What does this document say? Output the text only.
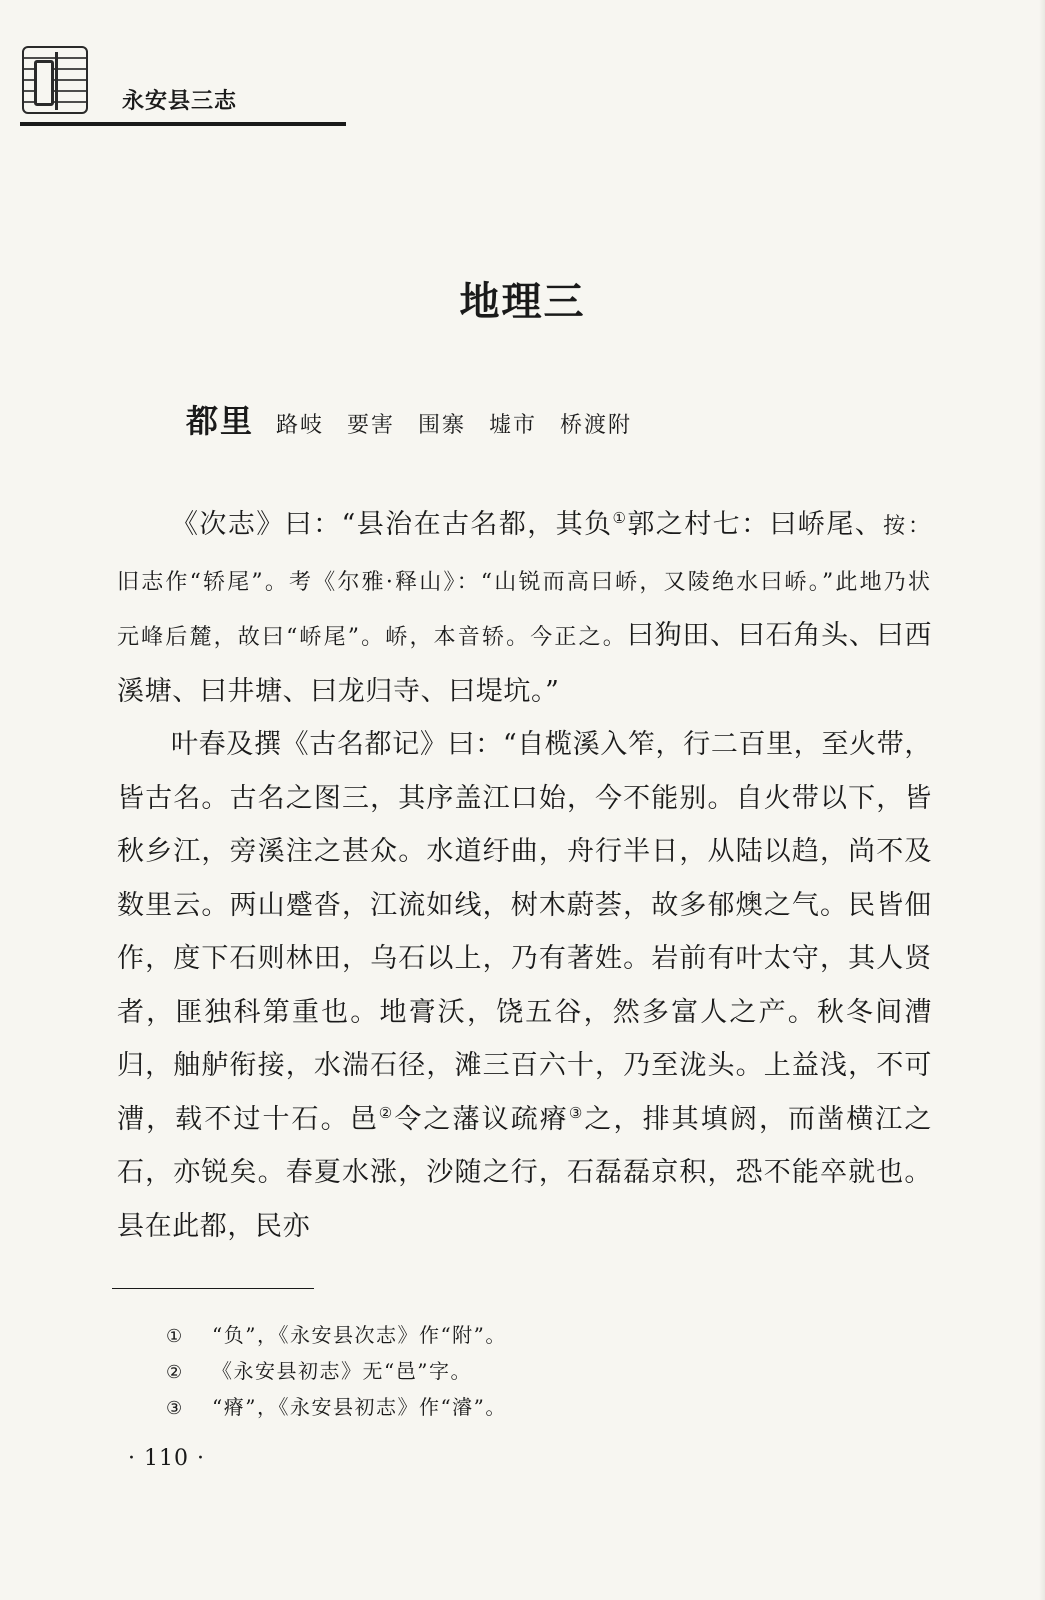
永安县三志
地理三
都里 路岐 要害 围寨 墟市 桥渡附

《次志》曰：“县治在古名都，其负①郭之村七：曰峤尾、按：旧志作“轿尾”。考《尔雅·释山》：“山锐而高曰峤，又陵绝水曰峤。”此地乃状元峰后麓，故曰“峤尾”。峤，本音轿。今正之。曰狗田、曰石角头、曰西溪塘、曰井塘、曰龙归寺、曰堤坑。”

叶春及撰《古名都记》曰：“自榄溪入笮，行二百里，至火带，皆古名。古名之图三，其序盖江口始，今不能别。自火带以下，皆秋乡江，旁溪注之甚众。水道纡曲，舟行半日，从陆以趋，尚不及数里云。两山蹙沓，江流如线，树木蔚荟，故多郁燠之气。民皆佃作，度下石则林田，乌石以上，乃有著姓。岩前有叶太守，其人贤者，匪独科第重也。地膏沃，饶五谷，然多富人之产。秋冬间漕归，舳舻衔接，水湍石径，滩三百六十，乃至泷头。上益浅，不可漕，载不过十石。邑②令之藩议疏瘠③之，排其填阏，而凿横江之石，亦锐矣。春夏水涨，沙随之行，石磊磊京积，恐不能卒就也。县在此都，民亦

①	“负”，《永安县次志》作“附”。
②	《永安县初志》无“邑”字。
③	“瘠”，《永安县初志》作“濬”。
· 110 ·
